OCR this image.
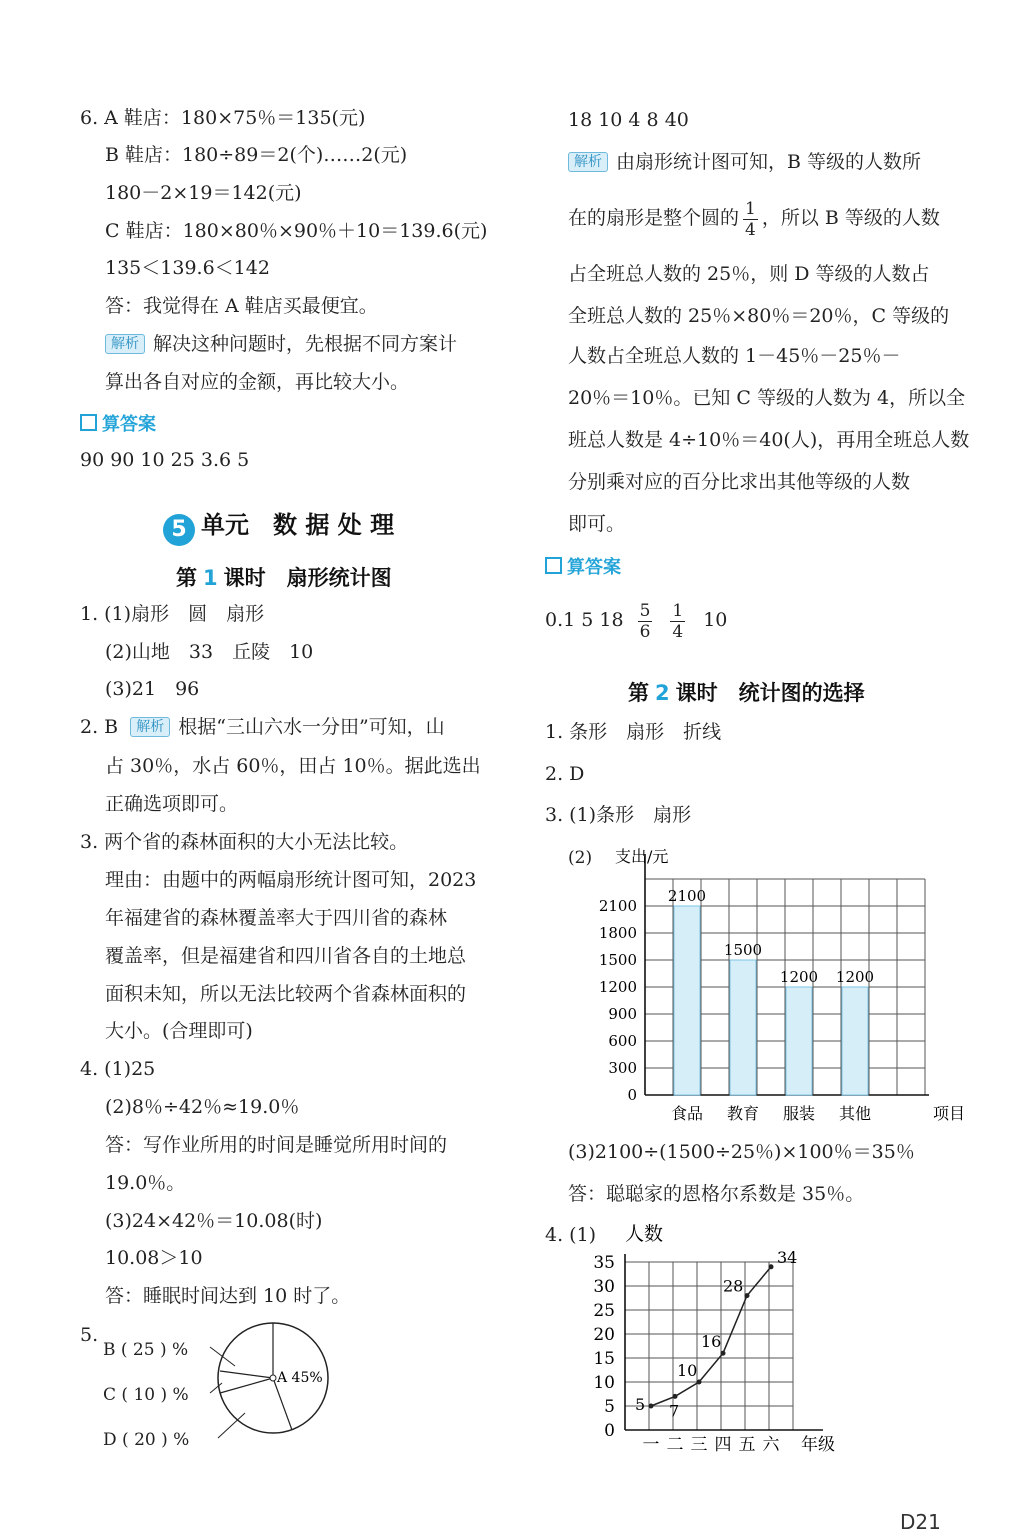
6. A 鞋店：180×75％＝135(元)
B 鞋店：180÷89＝2(个)……2(元)
180－2×19＝142(元)
C 鞋店：180×80％×90％＋10＝139.6(元)
135＜139.6＜142
答：我觉得在 A 鞋店买最便宜。
解析 解决这种问题时，先根据不同方案计
算出各自对应的金额，再比较大小。
算答案
90 90 10 25 3.6 5
5 单元　数 据 处 理
第 1 课时　扇形统计图
1. (1)扇形　圆　扇形
(2)山地　33　丘陵　10
(3)21　96
2. B 解析 根据“三山六水一分田”可知，山
占 30％，水占 60％，田占 10％。据此选出
正确选项即可。
3. 两个省的森林面积的大小无法比较。
理由：由题中的两幅扇形统计图可知，2023
年福建省的森林覆盖率大于四川省的森林
覆盖率，但是福建省和四川省各自的土地总
面积未知，所以无法比较两个省森林面积的
大小。(合理即可)
4. (1)25
(2)8％÷42％≈19.0％
答：写作业所用的时间是睡觉所用时间的
19.0％。
(3)24×42％＝10.08(时)
10.08＞10
答：睡眠时间达到 10 时了。
5.
B ( 25 ) %
C ( 10 ) %
D ( 20 ) %
A 45%
18 10 4 8 40
解析 由扇形统计图可知，B 等级的人数所
在的扇形是整个圆的 $\frac{1}{4}$ ，所以 B 等级的人数
占全班总人数的 25％，则 D 等级的人数占
全班总人数的 25％×80％＝20％，C 等级的
人数占全班总人数的 1－45％－25％－
20％＝10％。已知 C 等级的人数为 4，所以全
班总人数是 4÷10％＝40(人)，再用全班总人数
分别乘对应的百分比求出其他等级的人数
即可。
算答案
0.1 5 $18 \frac{5}{6} \frac{1}{4} 10$
第 2 课时　统计图的选择
1. 条形　扇形　折线
2. D
3. (1)条形　扇形
(2)
0
300
600
900
1200
1500
1800
2100
支出/元
2100
食品
1500
教育
1200
服装
1200
其他	项目
(3)2100÷(1500÷25％)×100％＝35％
答：聪聪家的恩格尔系数是 35％。
4. (1)
0
5
10
15
20
25
30
35
人数
5 7
10
16
28
34
一 二 三 四 五 六 年级
D21
